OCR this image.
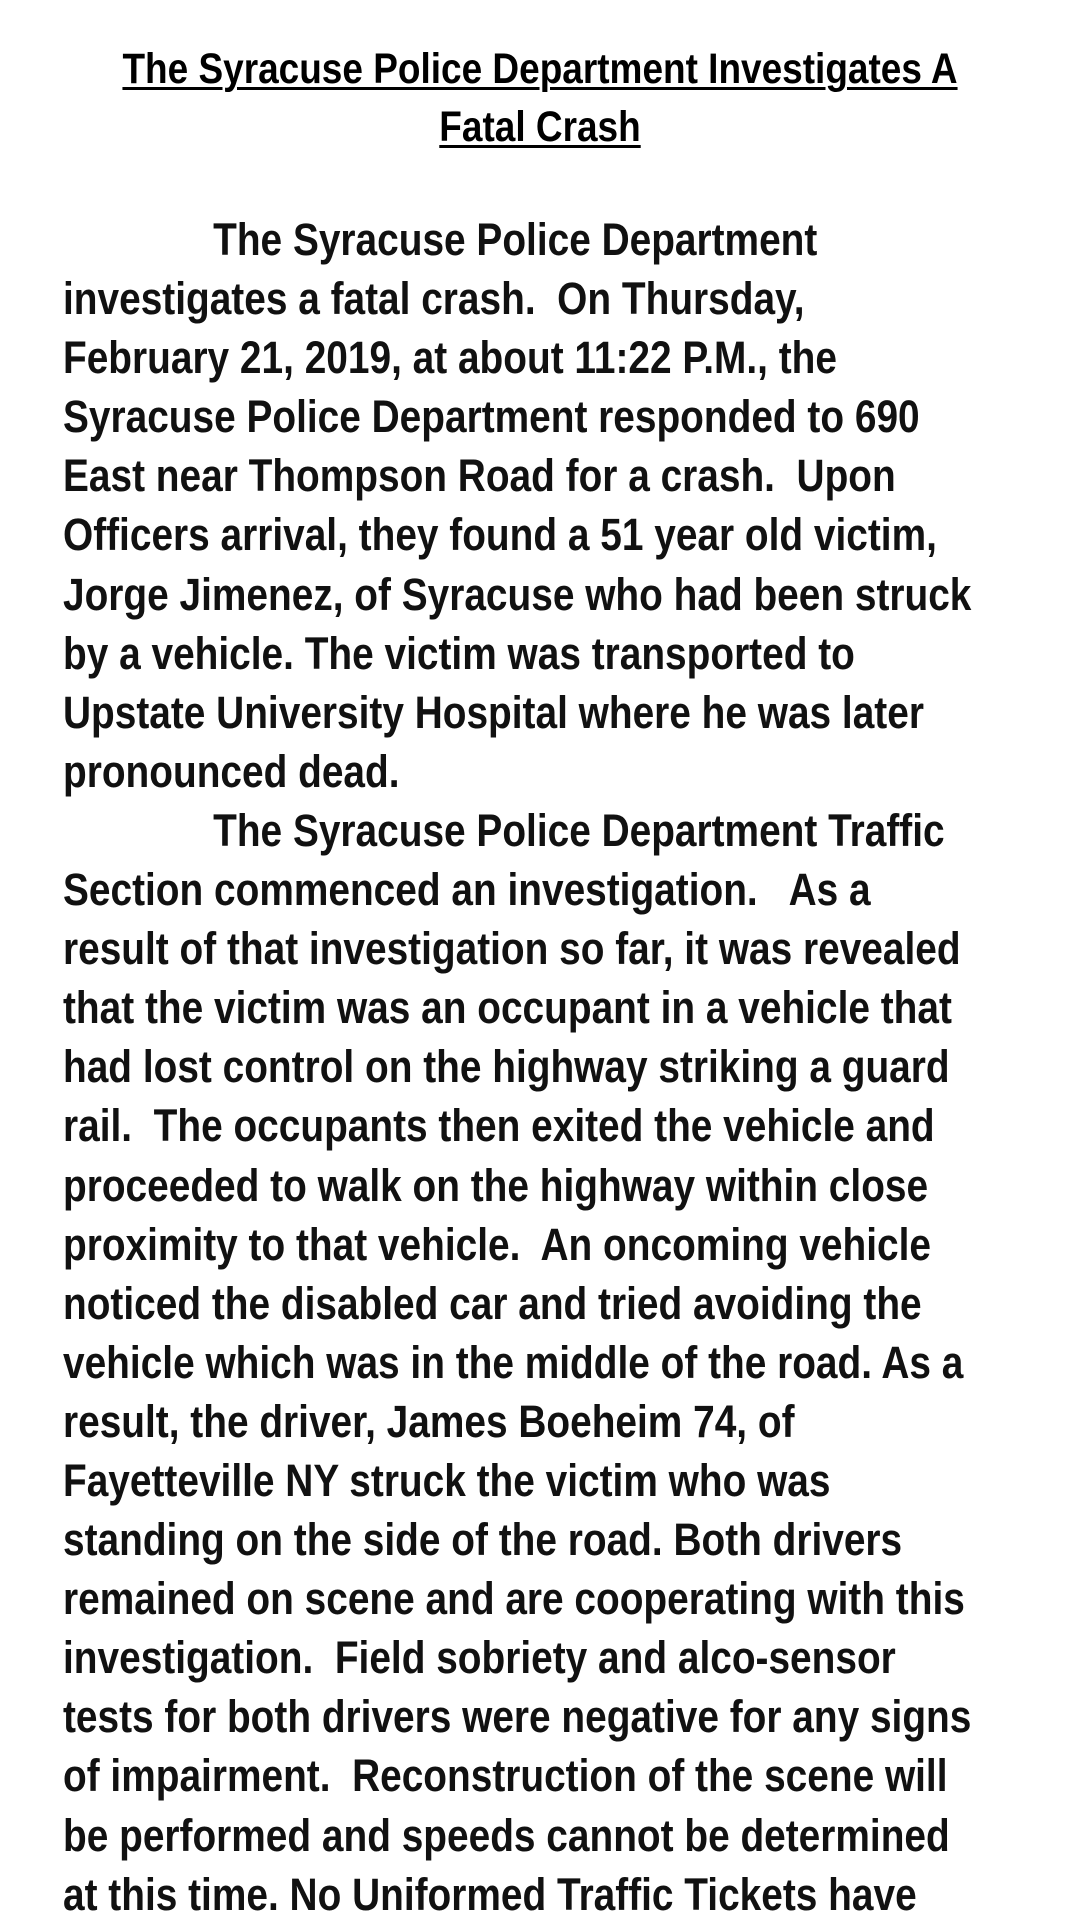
The Syracuse Police Department Investigates A
Fatal Crash
The Syracuse Police Department
investigates a fatal crash.  On Thursday,
February 21, 2019, at about 11:22 P.M., the
Syracuse Police Department responded to 690
East near Thompson Road for a crash.  Upon
Officers arrival, they found a 51 year old victim,
Jorge Jimenez, of Syracuse who had been struck
by a vehicle. The victim was transported to
Upstate University Hospital where he was later
pronounced dead.
The Syracuse Police Department Traffic
Section commenced an investigation.   As a
result of that investigation so far, it was revealed
that the victim was an occupant in a vehicle that
had lost control on the highway striking a guard
rail.  The occupants then exited the vehicle and
proceeded to walk on the highway within close
proximity to that vehicle.  An oncoming vehicle
noticed the disabled car and tried avoiding the
vehicle which was in the middle of the road. As a
result, the driver, James Boeheim 74, of
Fayetteville NY struck the victim who was
standing on the side of the road. Both drivers
remained on scene and are cooperating with this
investigation.  Field sobriety and alco-sensor
tests for both drivers were negative for any signs
of impairment.  Reconstruction of the scene will
be performed and speeds cannot be determined
at this time. No Uniformed Traffic Tickets have
